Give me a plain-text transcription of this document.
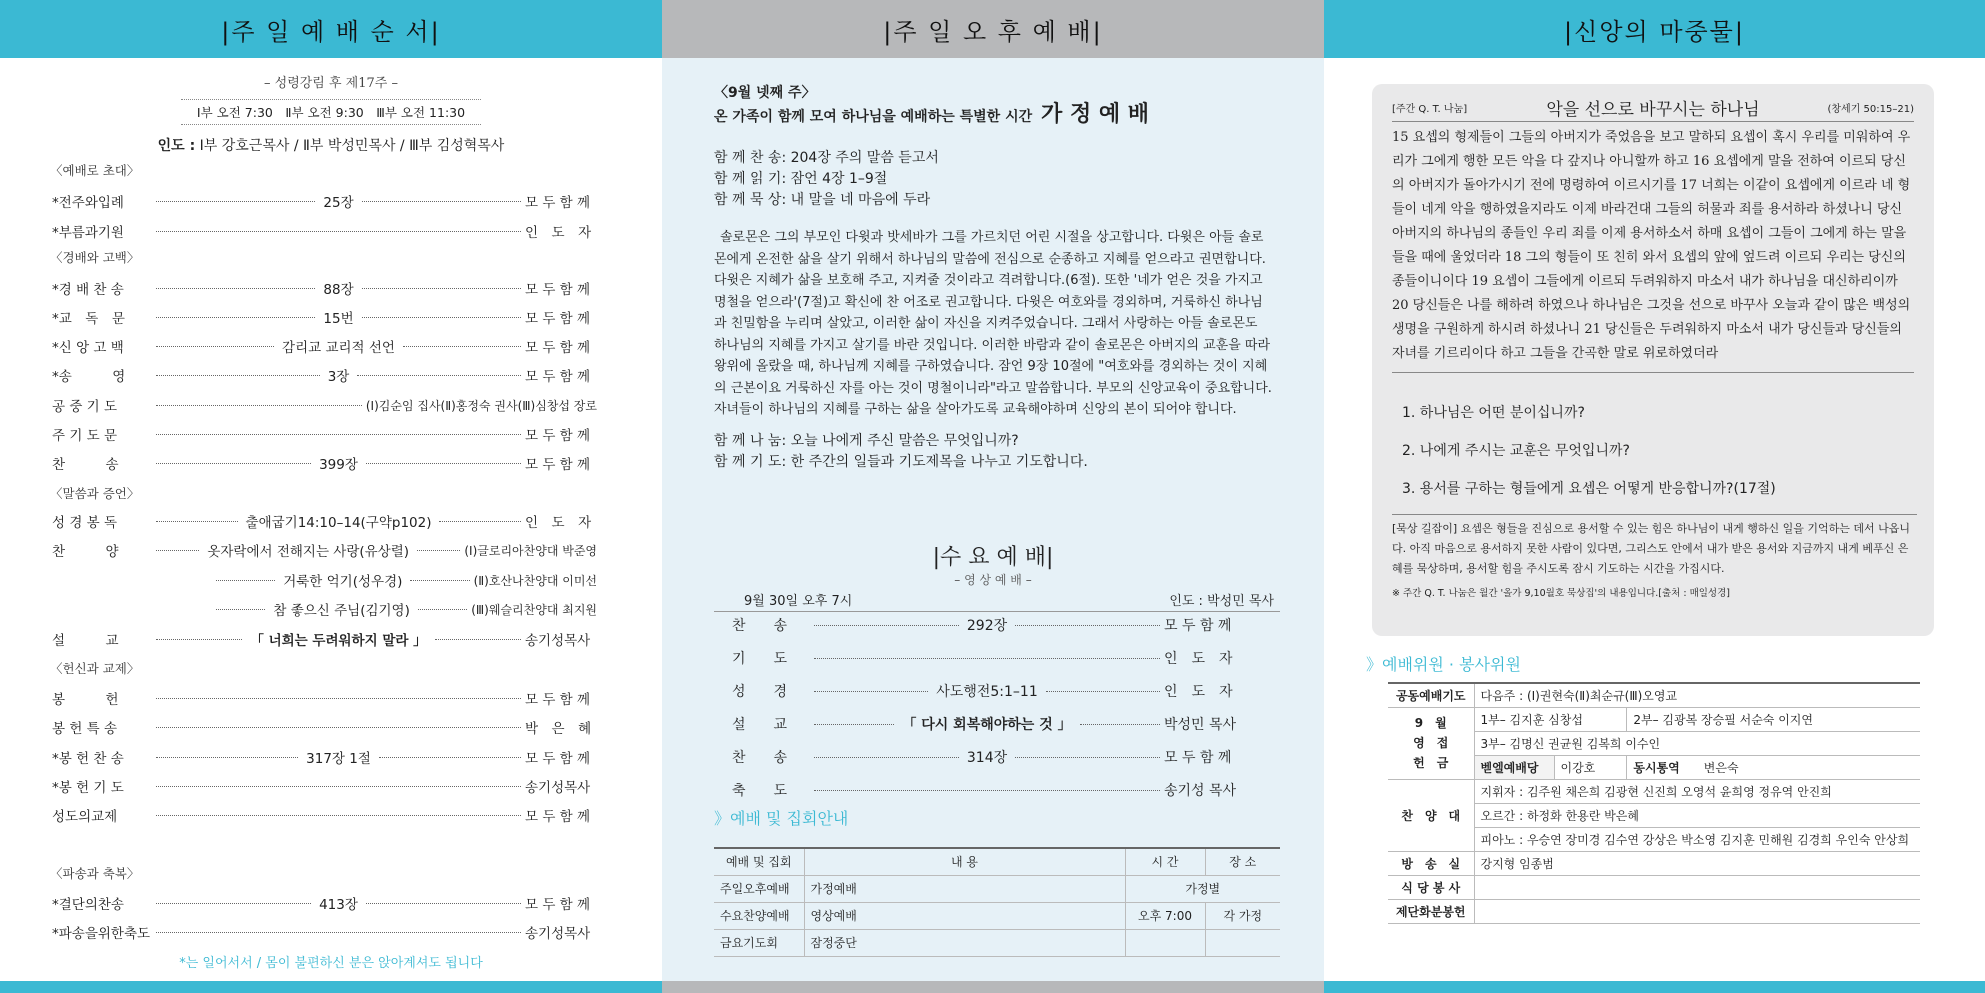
|주 일 예 배 순 서|	|주 일 오 후 예 배|	|신앙의 마중물|
– 성령강림 후 제17주 –
Ⅰ부 오전 7:30　Ⅱ부 오전 9:30　Ⅲ부 오전 11:30
인도 : Ⅰ부 강호근목사 / Ⅱ부 박성민목사 / Ⅲ부 김성혁목사
〈예배로 초대〉
〈경배와 고백〉
〈말씀과 증언〉
〈헌신과 교제〉
〈파송과 축복〉
*전주와입례	25장	모 두 함 께
*부름과기원	인　도　자
*경 배 찬 송	88장	모 두 함 께
*교　독　문	15번	모 두 함 께
*신 앙 고 백	감리교 교리적 선언	모 두 함 께
*송　　　영	3장	모 두 함 께
공 중 기 도	(Ⅰ)김순임 집사(Ⅱ)홍정숙 권사(Ⅲ)심창섭 장로
주 기 도 문	모 두 함 께
찬　　　송	399장	모 두 함 께
성 경 봉 독	출애굽기14:10–14(구약p102)	인　도　자
찬　　　양	옷자락에서 전해지는 사랑(유상렬)	(Ⅰ)글로리아찬양대 박준영
거룩한 억기(성우경)	(Ⅱ)호산나찬양대 이미선
참 좋으신 주님(김기영)	(Ⅲ)웨슬리찬양대 최지원
설　　　교	「 너희는 두려워하지 말라 」	송기성목사
봉　　　헌	모 두 함 께
봉 헌 특 송	박　은　혜
*봉 헌 찬 송	317장 1절	모 두 함 께
*봉 헌 기 도	송기성목사
성도의교제	모 두 함 께
*결단의찬송	413장	모 두 함 께
*파송을위한축도	송기성목사
*는 일어서서 / 몸이 불편하신 분은 앉아계셔도 됩니다

〈9월 넷째 주〉

온 가족이 함께 모여 하나님을 예배하는 특별한 시간 가 정 예 배

함 께 찬 송: 204장 주의 말씀 듣고서

함 께 읽 기: 잠언 4장 1–9절

함 께 묵 상: 내 말을 네 마음에 두라

솔로몬은 그의 부모인 다윗과 밧세바가 그를 가르치던 어린 시절을 상고합니다. 다윗은 아들 솔로몬에게 온전한 삶을 살기 위해서 하나님의 말씀에 전심으로 순종하고 지혜를 얻으라고 권면합니다. 다윗은 지혜가 삶을 보호해 주고, 지켜줄 것이라고 격려합니다.(6절). 또한 '네가 얻은 것을 가지고 명철을 얻으라'(7절)고 확신에 찬 어조로 권고합니다. 다윗은 여호와를 경외하며, 거룩하신 하나님과 친밀함을 누리며 살았고, 이러한 삶이 자신을 지켜주었습니다. 그래서 사랑하는 아들 솔로몬도 하나님의 지혜를 가지고 살기를 바란 것입니다. 이러한 바람과 같이 솔로몬은 아버지의 교훈을 따라 왕위에 올랐을 때, 하나님께 지혜를 구하였습니다. 잠언 9장 10절에 "여호와를 경외하는 것이 지혜의 근본이요 거룩하신 자를 아는 것이 명철이니라"라고 말씀합니다. 부모의 신앙교육이 중요합니다. 자녀들이 하나님의 지혜를 구하는 삶을 살아가도록 교육해야하며 신앙의 본이 되어야 합니다.

함 께 나 눔: 오늘 나에게 주신 말씀은 무엇입니까?

함 께 기 도: 한 주간의 일들과 기도제목을 나누고 기도합니다.

|수 요 예 배|
– 영 상 예 배 –
9월 30일 오후 7시	인도 : 박성민 목사
찬　　송	292장	모 두 함 께
기　　도	인　도　자
성　　경	사도행전5:1–11	인　도　자
설　　교	「 다시 회복해야하는 것 」	박성민 목사
찬　　송	314장	모 두 함 께
축　　도	송기성 목사
》예배 및 집회안내
예배 및 집회	내 용	시 간	장 소
주일오후예배	가정예배	가정별	
수요찬양예배	영상예배	오후 7:00	각 가정
금요기도회	잠정중단		
[주간 Q. T. 나눔]	악을 선으로 바꾸시는 하나님	(창세기 50:15–21)
15 요셉의 형제들이 그들의 아버지가 죽었음을 보고 말하되 요셉이 혹시 우리를 미워하여 우리가 그에게 행한 모든 악을 다 갚지나 아니할까 하고 16 요셉에게 말을 전하여 이르되 당신의 아버지가 돌아가시기 전에 명령하여 이르시기를 17 너희는 이같이 요셉에게 이르라 네 형들이 네게 악을 행하였을지라도 이제 바라건대 그들의 허물과 죄를 용서하라 하셨나니 당신 아버지의 하나님의 종들인 우리 죄를 이제 용서하소서 하매 요셉이 그들이 그에게 하는 말을 들을 때에 울었더라 18 그의 형들이 또 친히 와서 요셉의 앞에 엎드려 이르되 우리는 당신의 종들이니이다 19 요셉이 그들에게 이르되 두려워하지 마소서 내가 하나님을 대신하리이까 20 당신들은 나를 해하려 하였으나 하나님은 그것을 선으로 바꾸사 오늘과 같이 많은 백성의 생명을 구원하게 하시려 하셨나니 21 당신들은 두려워하지 마소서 내가 당신들과 당신들의 자녀를 기르리이다 하고 그들을 간곡한 말로 위로하였더라
1. 하나님은 어떤 분이십니까?
2. 나에게 주시는 교훈은 무엇입니까?
3. 용서를 구하는 형들에게 요셉은 어떻게 반응합니까?(17절)
[묵상 길잡이] 요셉은 형들을 진심으로 용서할 수 있는 힘은 하나님이 내게 행하신 일을 기억하는 데서 나옵니다. 아직 마음으로 용서하지 못한 사람이 있다면, 그리스도 안에서 내가 받은 용서와 지금까지 내게 베푸신 은혜를 묵상하며, 용서할 힘을 주시도록 잠시 기도하는 시간을 가집시다.
※ 주간 Q. T. 나눔은 월간 '올가 9,10월호 묵상집'의 내용입니다.[출처 : 매일성경]
》예배위원 · 봉사위원
공동예배기도	다음주 : (Ⅰ)권현숙(Ⅱ)최순규(Ⅲ)오영교		
9　월
영　접
헌　금	1부– 김지훈 심창섭		2부– 김광복 장승필 서순숙 이지연
	3부– 김명신 권균원 김복희 이수인		
	벧엘예배당	이강호	동시통역　　 변은숙
찬　양　대	지휘자 : 김주원 채은희 김광현 신진희 오영석 윤희영 정유역 안진희		
	오르간 : 하정화 한용란 박은혜		
	피아노 : 우승연 장미경 김수연 강상은 박소영 김지훈 민해원 김경희 우인숙 안상희		
방　송　실	강지형 임종범		
식 당 봉 사			
제단화분봉헌			
